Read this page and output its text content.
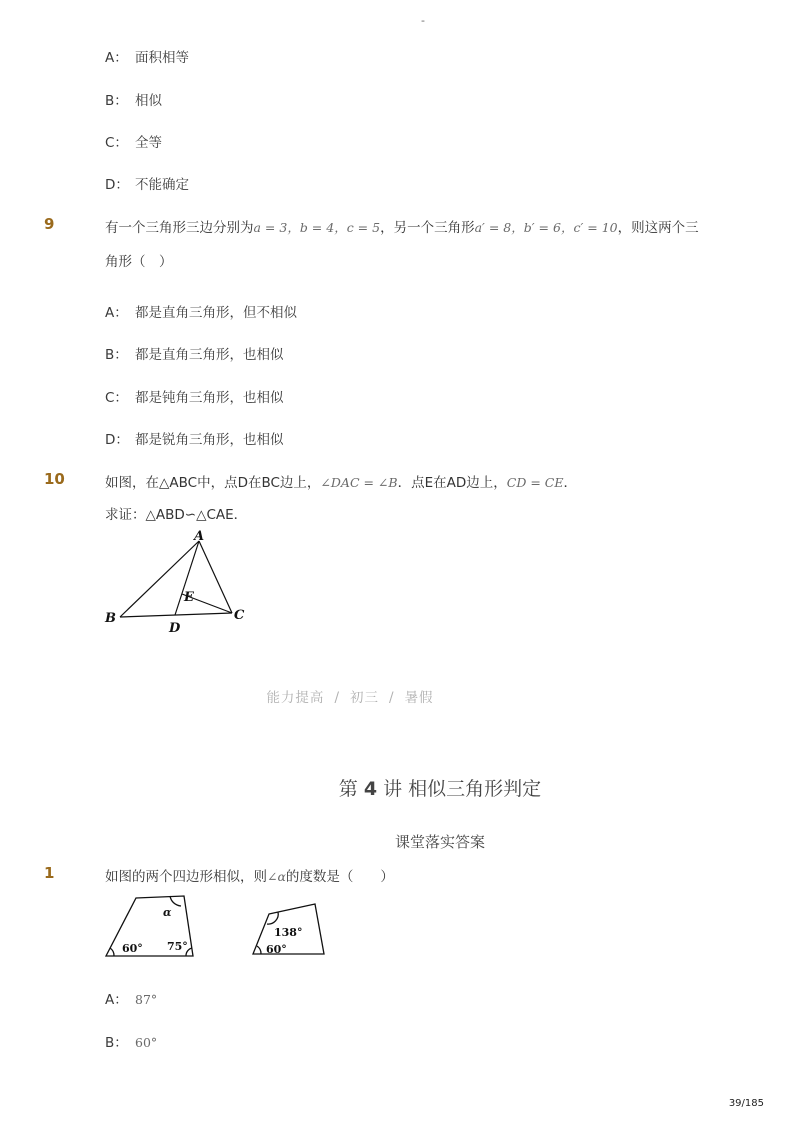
-
A： 面积相等
B： 相似
C： 全等
D： 不能确定
9	有一个三角形三边分别为a = 3，b = 4，c = 5，另一个三角形a′ = 8，b′ = 6，c′ = 10，则这两个三
角形（　）
A： 都是直角三角形，但不相似
B： 都是直角三角形，也相似
C： 都是钝角三角形，也相似
D： 都是锐角三角形，也相似
10	如图，在△ABC中，点D在BC边上，∠DAC = ∠B．点E在AD边上，CD = CE．
求证：△ABD∽△CAE．
A
B	C
D
E
能力提高 / 初三 / 暑假
第 4 讲 相似三角形判定
课堂落实答案
1	如图的两个四边形相似，则∠α的度数是（　　）
α
60° 75°
138°
60°
A： 87°
B： 60°
39/185
